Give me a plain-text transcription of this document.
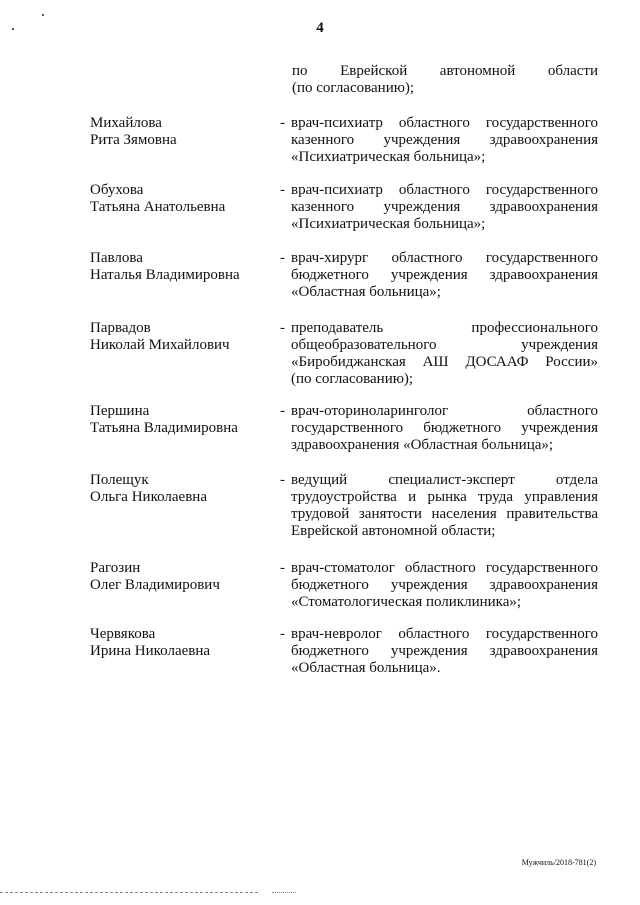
4
по Еврейской автономной области
(по согласованию);
Михайлова
Рита Зямовна
- врач-психиатр областного государственного
казенного учреждения здравоохранения
«Психиатрическая больница»;
Обухова
Татьяна Анатольевна
- врач-психиатр областного государственного
казенного учреждения здравоохранения
«Психиатрическая больница»;
Павлова
Наталья Владимировна
- врач-хирург областного государственного
бюджетного учреждения здравоохранения
«Областная больница»;
Парвадов
Николай Михайлович
- преподаватель профессионального
общеобразовательного учреждения
«Биробиджанская АШ ДОСААФ России»
(по согласованию);
Першина
Татьяна Владимировна
- врач-оториноларинголог областного
государственного бюджетного учреждения
здравоохранения «Областная больница»;
Полещук
Ольга Николаевна
- ведущий специалист-эксперт отдела
трудоустройства и рынка труда управления
трудовой занятости населения правительства
Еврейской автономной области;
Рагозин
Олег Владимирович
- врач-стоматолог областного государственного
бюджетного учреждения здравоохранения
«Стоматологическая поликлиника»;
Червякова
Ирина Николаевна
- врач-невролог областного государственного
бюджетного учреждения здравоохранения
«Областная больница».
Мужчиль/2018-781(2)
